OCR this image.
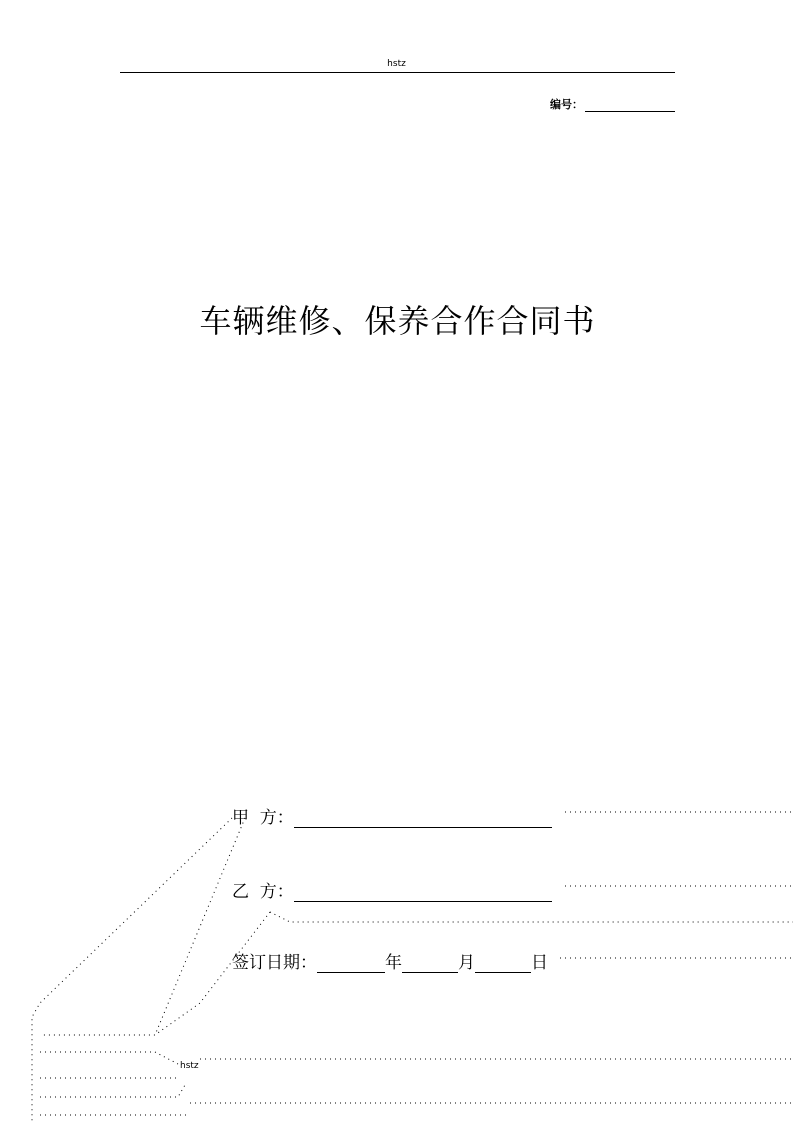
hstz
编号：
车辆维修、保养合作合同书
甲  方：
乙  方：
签订日期：	年	月	日
hstz
